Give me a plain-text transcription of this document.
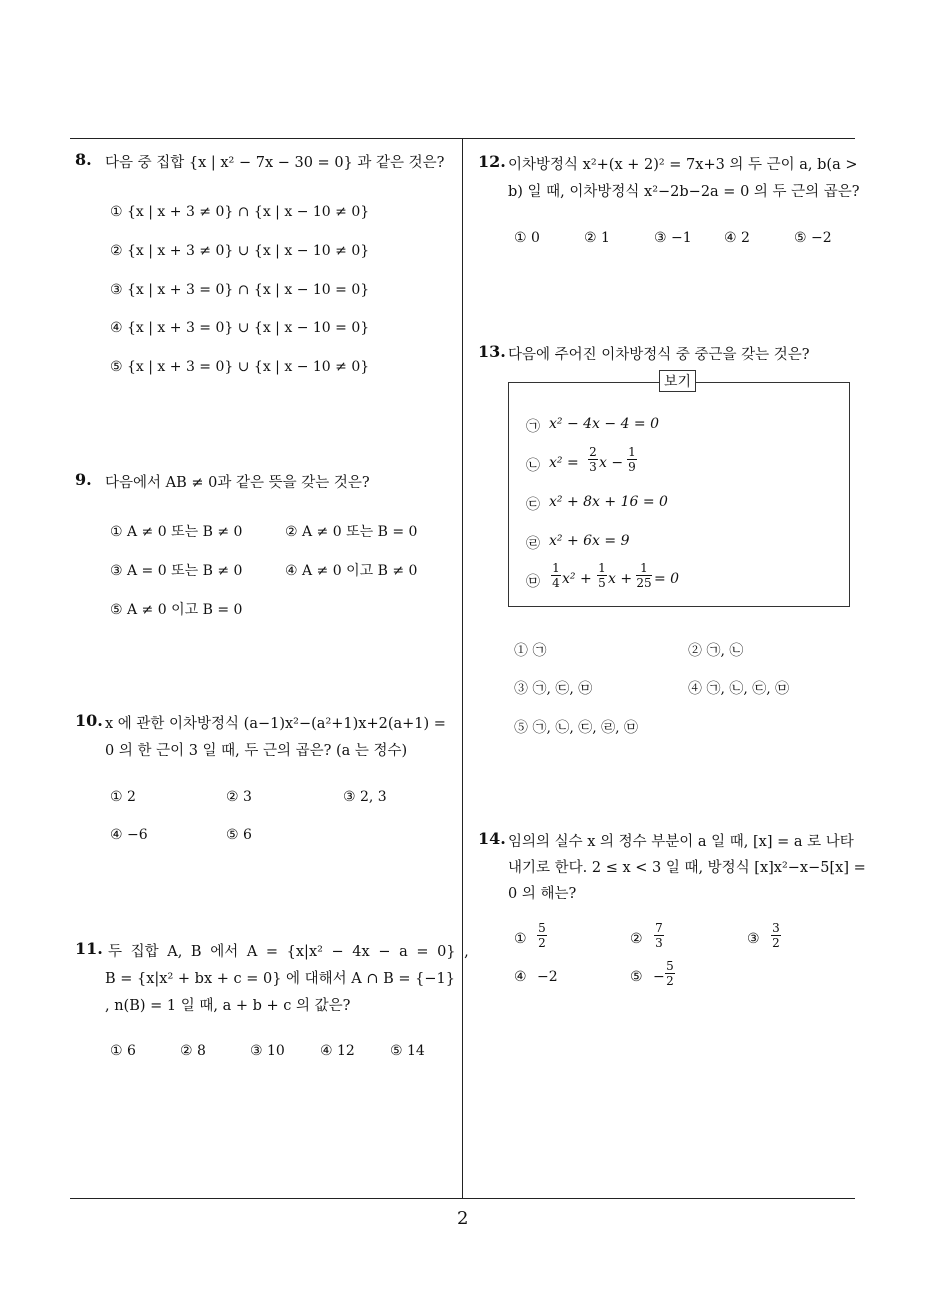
8. 다음 중 집합 {x | x² − 7x − 30 = 0} 과 같은 것은?
① {x | x + 3 ≠ 0} ∩ {x | x − 10 ≠ 0}
② {x | x + 3 ≠ 0} ∪ {x | x − 10 ≠ 0}
③ {x | x + 3 = 0} ∩ {x | x − 10 = 0}
④ {x | x + 3 = 0} ∪ {x | x − 10 = 0}
⑤ {x | x + 3 = 0} ∪ {x | x − 10 ≠ 0}
9. 다음에서 AB ≠ 0과 같은 뜻을 갖는 것은?
① A ≠ 0 또는 B ≠ 0	② A ≠ 0 또는 B = 0
③ A = 0 또는 B ≠ 0	④ A ≠ 0 이고 B ≠ 0
⑤ A ≠ 0 이고 B = 0
10. x 에 관한 이차방정식 (a−1)x²−(a²+1)x+2(a+1) =
0 의 한 근이 3 일 때, 두 근의 곱은? (a 는 정수)
① 2	② 3	③ 2, 3
④ −6	⑤ 6
11. 두 집합 A, B 에서 A = {x|x² − 4x − a = 0} ,
B = {x|x² + bx + c = 0} 에 대해서 A ∩ B = {−1}
, n(B) = 1 일 때, a + b + c 의 값은?
① 6	② 8	③ 10	④ 12	⑤ 14
12. 이차방정식 x²+(x + 2)² = 7x+3 의 두 근이 a, b(a >
b) 일 때, 이차방정식 x²−2b−2a = 0 의 두 근의 곱은?
① 0	② 1	③ −1 ④ 2	⑤ −2
13. 다음에 주어진 이차방정식 중 중근을 갖는 것은?
보기
㉠ x² − 4x − 4 = 0
㉡ x² =
2
3 x −
1
9
㉢ x² + 8x + 16 = 0
㉣ x² + 6x = 9
㉤
1
4 x² +
1
5 x +
1
25 = 0
① ㉠	② ㉠, ㉡
③ ㉠, ㉢, ㉤	④ ㉠, ㉡, ㉢, ㉤
⑤ ㉠, ㉡, ㉢, ㉣, ㉤
14. 임의의 실수 x 의 정수 부분이 a 일 때, [x] = a 로 나타
내기로 한다. 2 ≤ x < 3 일 때, 방정식 [x]x²−x−5[x] =
0 의 해는?
①
5
2	②
7
3	③
3
2
④ −2	⑤ −
5
2
2
